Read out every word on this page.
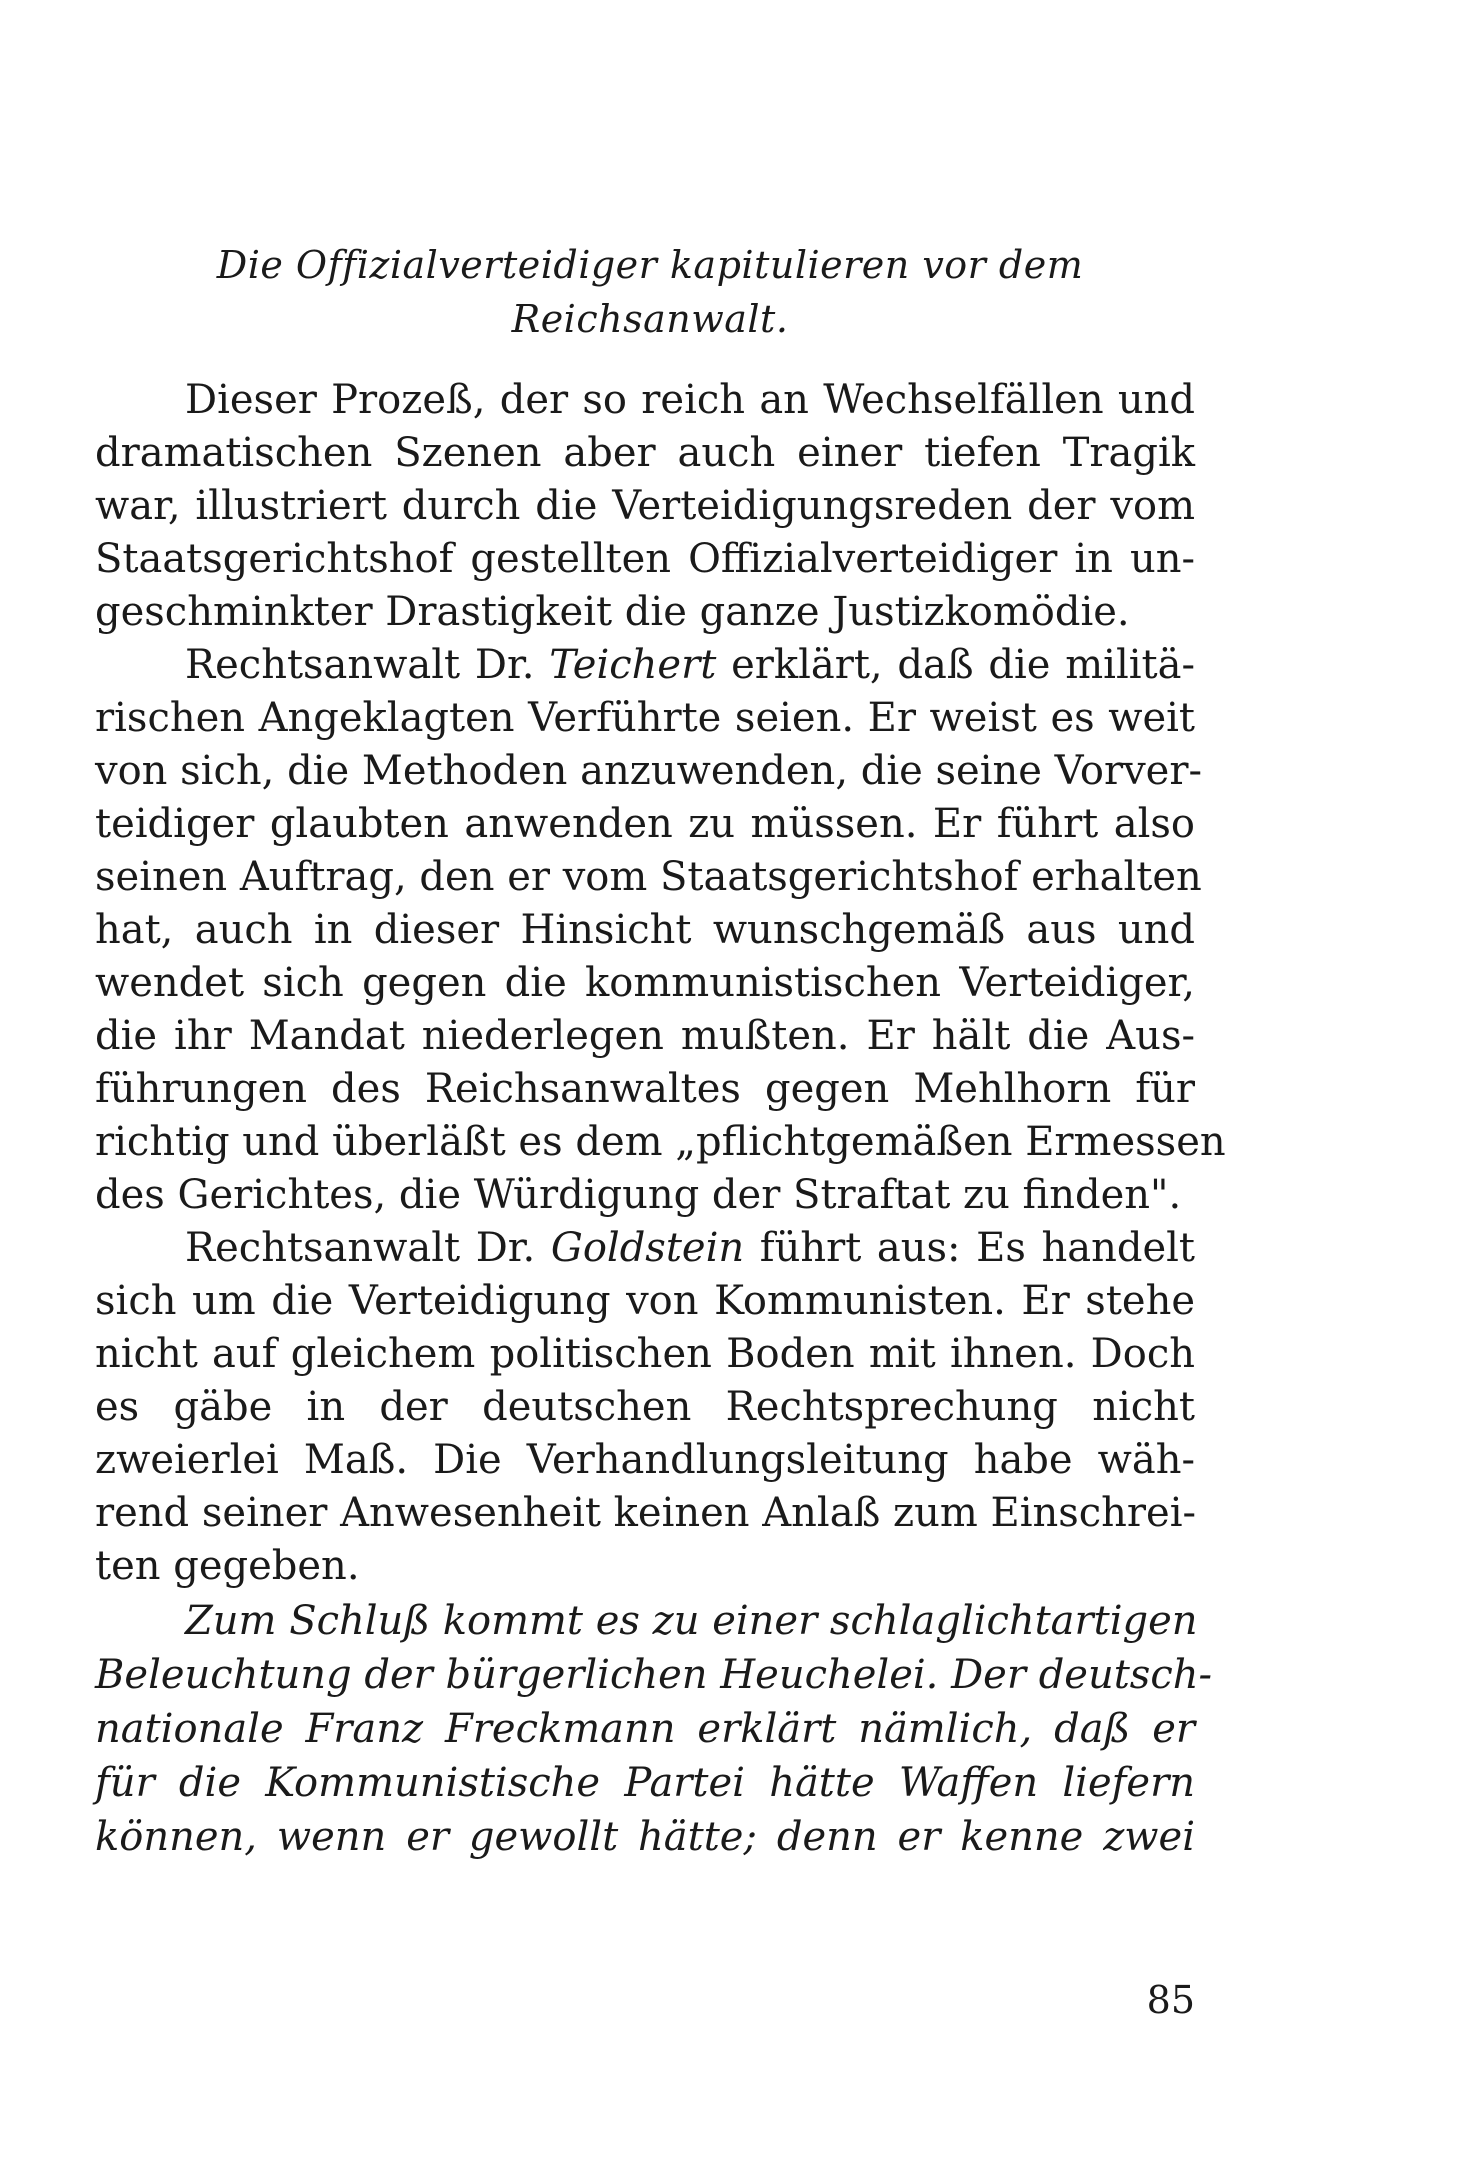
Die Offizialverteidiger kapitulieren vor dem
Reichsanwalt.
Dieser Prozeß, der so reich an Wechselfällen und
dramatischen Szenen aber auch einer tiefen Tragik
war, illustriert durch die Verteidigungsreden der vom
Staatsgerichtshof gestellten Offizialverteidiger in un-
geschminkter Drastigkeit die ganze Justizkomödie.
Rechtsanwalt Dr. Teichert erklärt, daß die militä-
rischen Angeklagten Verführte seien. Er weist es weit
von sich, die Methoden anzuwenden, die seine Vorver-
teidiger glaubten anwenden zu müssen. Er führt also
seinen Auftrag, den er vom Staatsgerichtshof erhalten
hat, auch in dieser Hinsicht wunschgemäß aus und
wendet sich gegen die kommunistischen Verteidiger,
die ihr Mandat niederlegen mußten. Er hält die Aus-
führungen des Reichsanwaltes gegen Mehlhorn für
richtig und überläßt es dem „pflichtgemäßen Ermessen
des Gerichtes, die Würdigung der Straftat zu finden".
Rechtsanwalt Dr. Goldstein führt aus: Es handelt
sich um die Verteidigung von Kommunisten. Er stehe
nicht auf gleichem politischen Boden mit ihnen. Doch
es gäbe in der deutschen Rechtsprechung nicht
zweierlei Maß. Die Verhandlungsleitung habe wäh-
rend seiner Anwesenheit keinen Anlaß zum Einschrei-
ten gegeben.
Zum Schluß kommt es zu einer schlaglichtartigen
Beleuchtung der bürgerlichen Heuchelei. Der deutsch-
nationale Franz Freckmann erklärt nämlich, daß er
für die Kommunistische Partei hätte Waffen liefern
können, wenn er gewollt hätte; denn er kenne zwei
85
